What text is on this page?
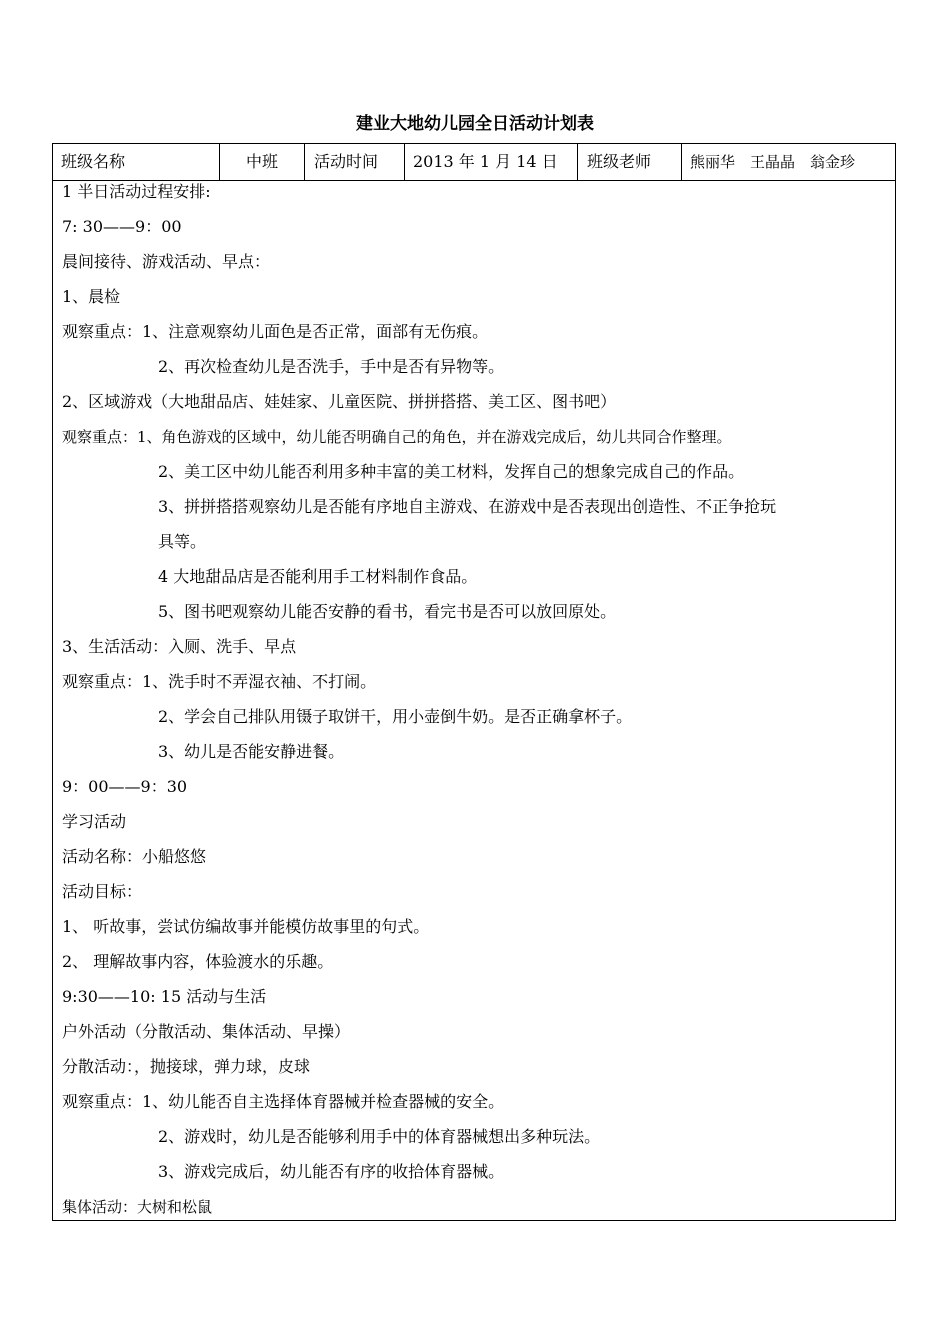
建业大地幼儿园全日活动计划表
班级名称	中班	活动时间	2013 年 1 月 14 日	班级老师	熊丽华　王晶晶　翁金珍
1 半日活动过程安排:
7: 30——9：00
晨间接待、游戏活动、早点：
1、晨检
观察重点：1、注意观察幼儿面色是否正常，面部有无伤痕。
2、再次检查幼儿是否洗手，手中是否有异物等。
2、区域游戏（大地甜品店、娃娃家、儿童医院、拼拼搭搭、美工区、图书吧）
观察重点：1、角色游戏的区域中，幼儿能否明确自己的角色，并在游戏完成后，幼儿共同合作整理。
2、美工区中幼儿能否利用多种丰富的美工材料，发挥自己的想象完成自己的作品。
3、拼拼搭搭观察幼儿是否能有序地自主游戏、在游戏中是否表现出创造性、不正争抢玩
具等。
4 大地甜品店是否能利用手工材料制作食品。
5、图书吧观察幼儿能否安静的看书，看完书是否可以放回原处。
3、生活活动：入厕、洗手、早点
观察重点：1、洗手时不弄湿衣袖、不打闹。
2、学会自己排队用镊子取饼干，用小壶倒牛奶。是否正确拿杯子。
3、幼儿是否能安静进餐。
9：00——9：30
学习活动
活动名称：小船悠悠
活动目标：
1、 听故事，尝试仿编故事并能模仿故事里的句式。
2、 理解故事内容，体验渡水的乐趣。
9:30——10: 15 活动与生活
户外活动（分散活动、集体活动、早操）
分散活动：，抛接球，弹力球，皮球
观察重点：1、幼儿能否自主选择体育器械并检查器械的安全。
2、游戏时，幼儿是否能够利用手中的体育器械想出多种玩法。
3、游戏完成后，幼儿能否有序的收拾体育器械。
集体活动：大树和松鼠
